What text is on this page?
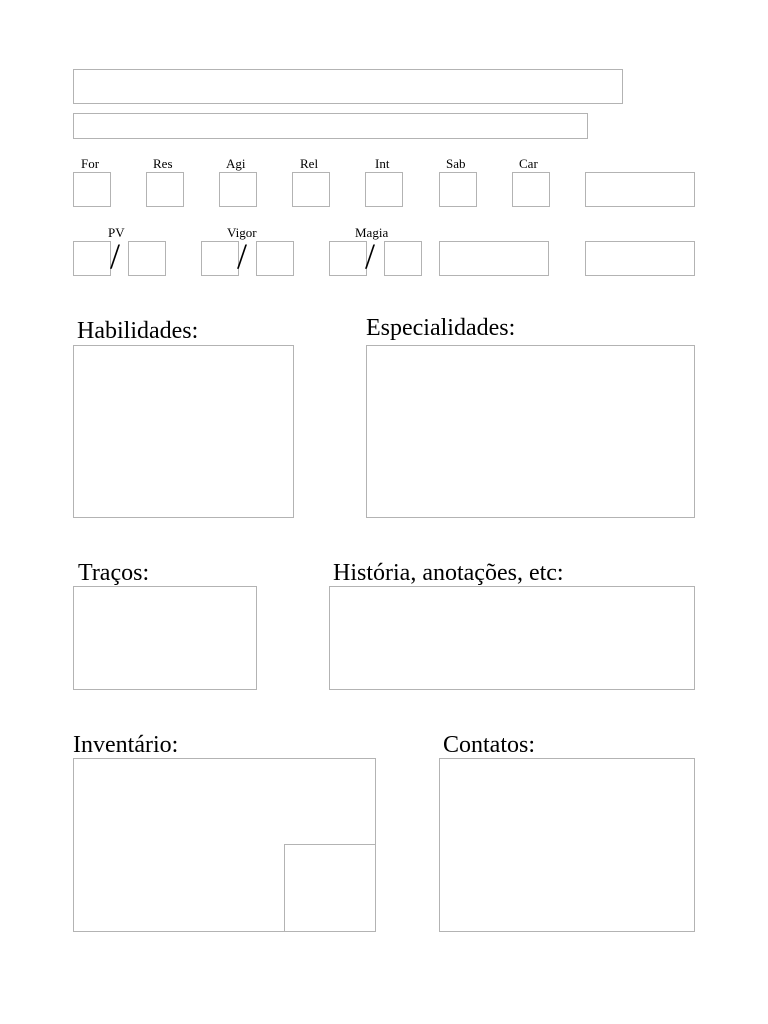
For	Res	Agi	Rel	Int	Sab	Car
PV	Vigor	Magia
/	/	/
Habilidades:	Especialidades:
Traços:	História, anotações, etc:
Inventário:	Contatos:
